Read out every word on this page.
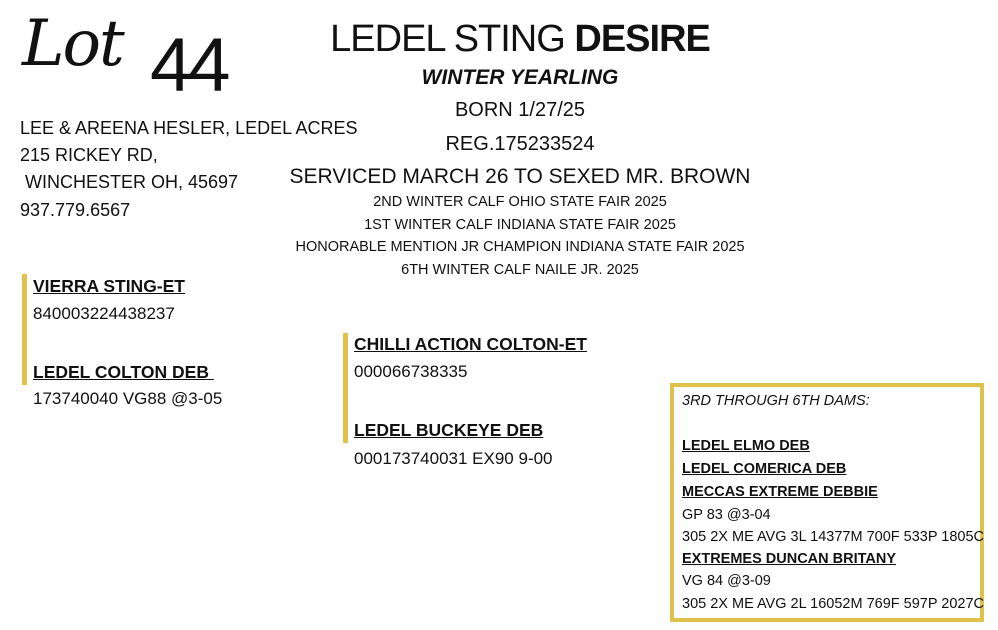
Lot 44
LEE & AREENA HESLER, LEDEL ACRES
215 RICKEY RD,
WINCHESTER OH, 45697
937.779.6567
LEDEL STING DESIRE
WINTER YEARLING
BORN 1/27/25
REG.175233524
SERVICED MARCH 26 TO SEXED MR. BROWN
2ND WINTER CALF OHIO STATE FAIR 2025
1ST WINTER CALF INDIANA STATE FAIR 2025
HONORABLE MENTION JR CHAMPION INDIANA STATE FAIR 2025
6TH WINTER CALF NAILE JR. 2025
VIERRA STING-ET
840003224438237
LEDEL COLTON DEB
173740040 VG88 @3-05
CHILLI ACTION COLTON-ET
000066738335
LEDEL BUCKEYE DEB
000173740031 EX90 9-00
3RD THROUGH 6TH DAMS:
LEDEL ELMO DEB
LEDEL COMERICA DEB
MECCAS EXTREME DEBBIE
GP 83 @3-04
305 2X ME AVG 3L 14377M 700F 533P 1805C
EXTREMES DUNCAN BRITANY
VG 84 @3-09
305 2X ME AVG 2L 16052M 769F 597P 2027C
